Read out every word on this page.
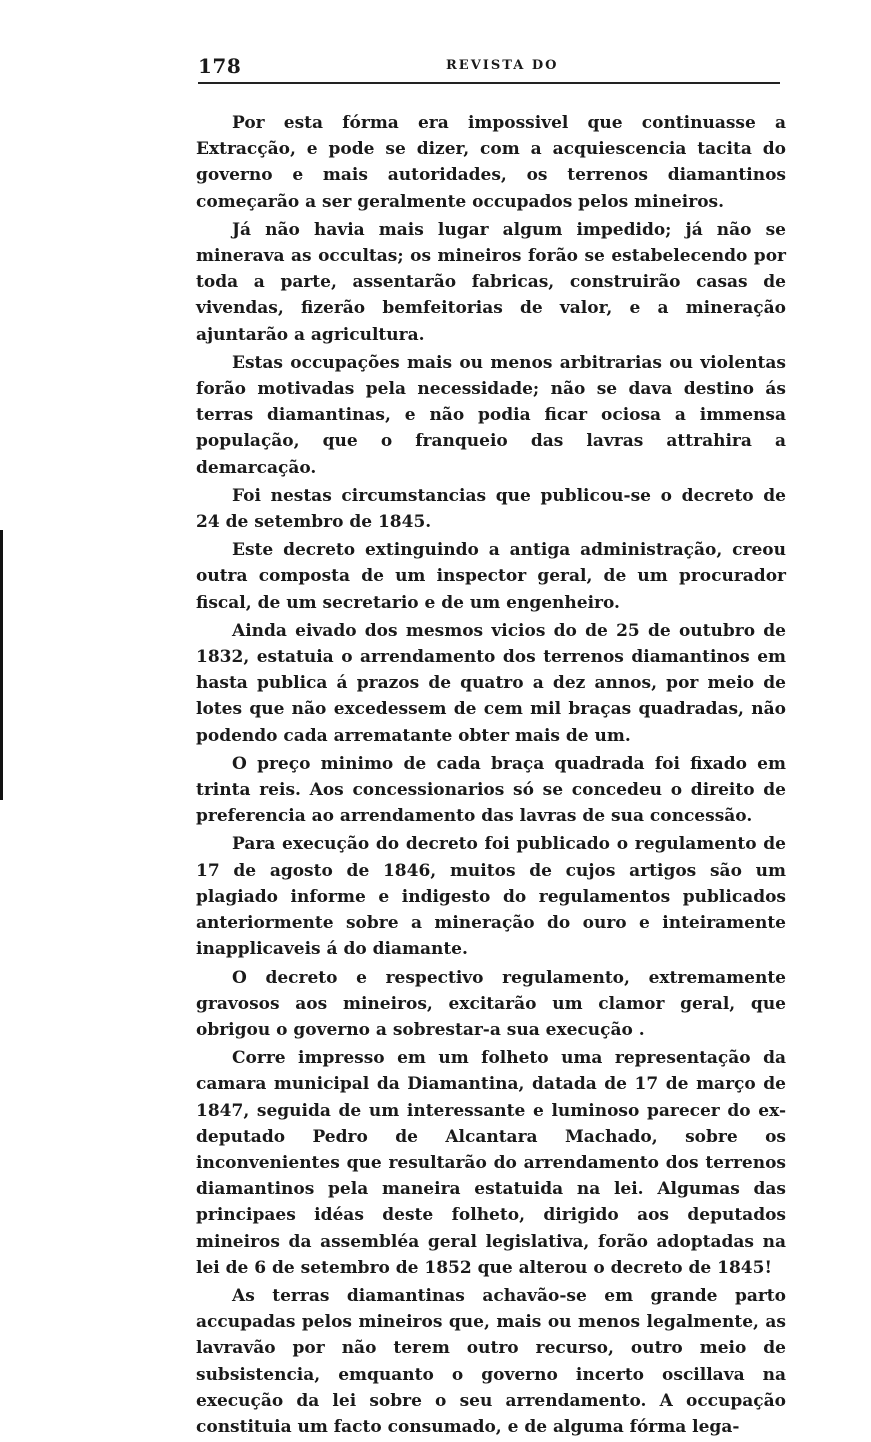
178	REVISTA DO

Por esta fórma era impossivel que continuasse a Extracção, e pode se dizer, com a acquiescencia tacita do governo e mais autoridades, os terrenos diamantinos começarão a ser geralmente occupados pelos mineiros.

Já não havia mais lugar algum impedido; já não se minerava as occultas; os mineiros forão se estabelecendo por toda a parte, assentarão fabricas, construirão casas de vivendas, fizerão bemfeitorias de valor, e a mineração ajuntarão a agricultura.

Estas occupações mais ou menos arbitrarias ou violentas forão motivadas pela necessidade; não se dava destino ás terras diamantinas, e não podia ficar ociosa a immensa população, que o franqueio das lavras attrahira a demarcação.

Foi nestas circumstancias que publicou-se o decreto de 24 de setembro de 1845.

Este decreto extinguindo a antiga administração, creou outra composta de um inspector geral, de um procurador fiscal, de um secretario e de um engenheiro.

Ainda eivado dos mesmos vicios do de 25 de outubro de 1832, estatuia o arrendamento dos terrenos diamantinos em hasta publica á prazos de quatro a dez annos, por meio de lotes que não excedessem de cem mil braças quadradas, não podendo cada arrematante obter mais de um.

O preço minimo de cada braça quadrada foi fixado em trinta reis. Aos concessionarios só se concedeu o direito de preferencia ao arrendamento das lavras de sua concessão.

Para execução do decreto foi publicado o regulamento de 17 de agosto de 1846, muitos de cujos artigos são um plagiado informe e indigesto do regulamentos publicados anteriormente sobre a mineração do ouro e inteiramente inapplicaveis á do diamante.

O decreto e respectivo regulamento, extremamente gravosos aos mineiros, excitarão um clamor geral, que obrigou o governo a sobrestar-a sua execução .

Corre impresso em um folheto uma representação da camara municipal da Diamantina, datada de 17 de março de 1847, seguida de um interessante e luminoso parecer do ex-deputado Pedro de Alcantara Machado, sobre os inconvenientes que resultarão do arrendamento dos terrenos diamantinos pela maneira estatuida na lei. Algumas das principaes idéas deste folheto, dirigido aos deputados mineiros da assembléa geral legislativa, forão adoptadas na lei de 6 de setembro de 1852 que alterou o decreto de 1845!

As terras diamantinas achavão-se em grande parto accupadas pelos mineiros que, mais ou menos legalmente, as lavravão por não terem outro recurso, outro meio de subsistencia, emquanto o governo incerto oscillava na execução da lei sobre o seu arrendamento. A occupação constituia um facto consumado, e de alguma fórma lega-
